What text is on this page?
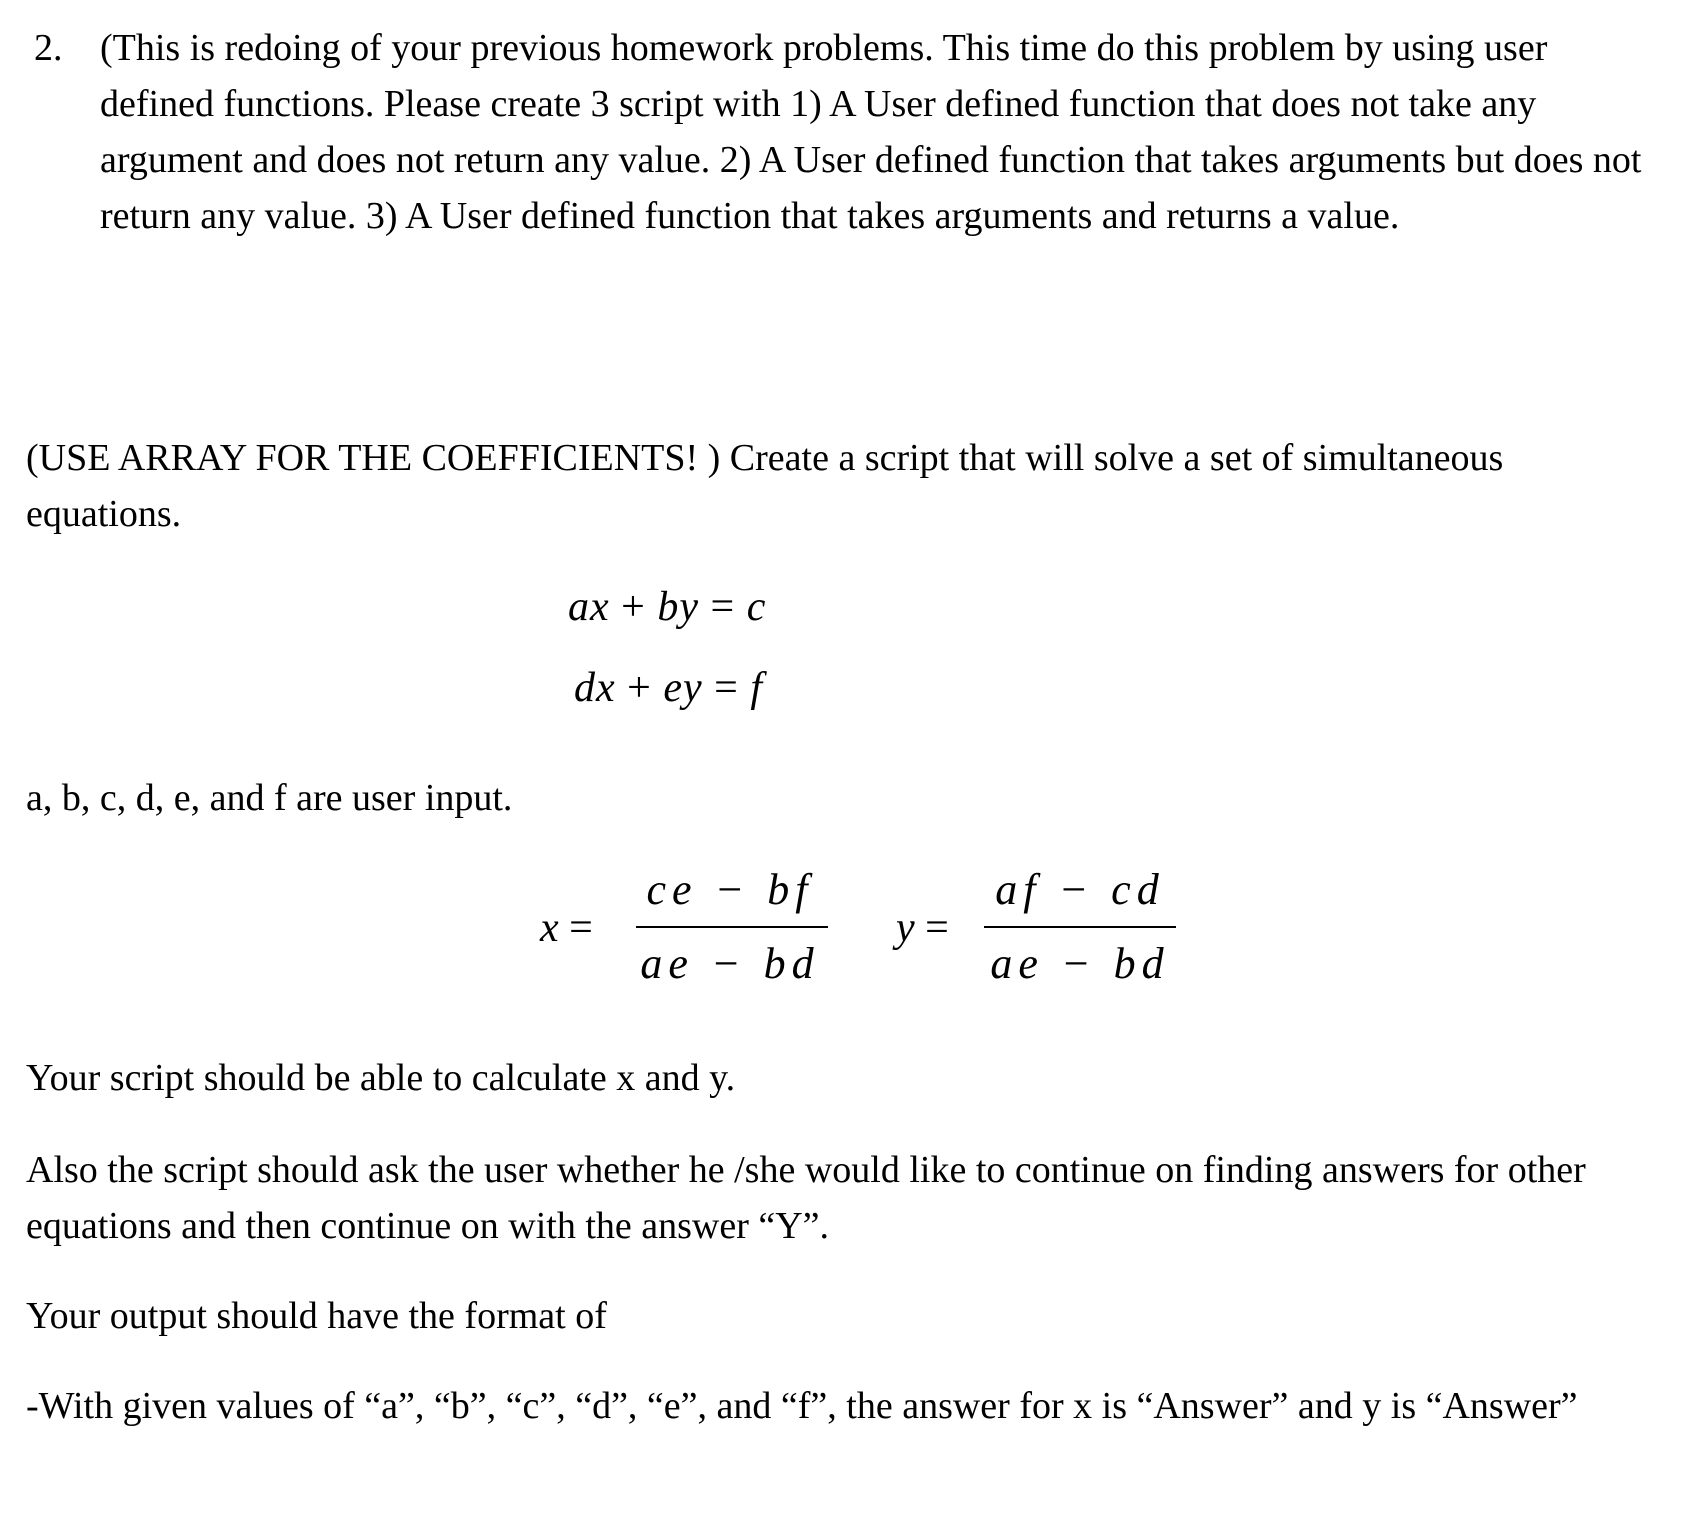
2. (This is redoing of your previous homework problems. This time do this problem by using user defined functions. Please create 3 script with 1) A User defined function that does not take any argument and does not return any value. 2) A User defined function that takes arguments but does not return any value. 3) A User defined function that takes arguments and returns a value.

(USE ARRAY FOR THE COEFFICIENTS! ) Create a script that will solve a set of simultaneous equations.

ax + by = c
dx + ey = f

a, b, c, d, e, and f are user input.

x =
ce − bf
ae − bd
y =
af − cd
ae − bd

Your script should be able to calculate x and y.

Also the script should ask the user whether he /she would like to continue on finding answers for other equations and then continue on with the answer “Y”.

Your output should have the format of

-With given values of “a”, “b”, “c”, “d”, “e”, and “f”, the answer for x is “Answer” and y is “Answer”
